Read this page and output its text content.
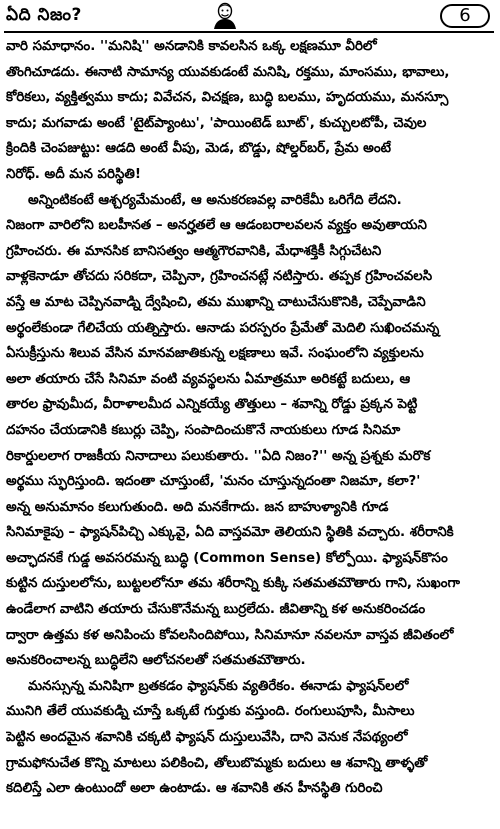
ఏది నిజం?	6

వారి సమాధానం. ''మనిషి'' అనడానికి కావలసిన ఒక్క లక్షణమూ వీరిలో
తొంగిచూడదు. ఈనాటి సామాన్య యువకుడంటే మనిషి, రక్తము, మాంసము, భావాలు,
కోరికలు, వ్యక్తిత్వము కాదు; వివేచన, విచక్షణ, బుద్ధి బలము, హృదయము, మనస్సూ
కాదు; మగవాడు అంటే 'టైట్‌ప్యాంటు', 'పాయింటెడ్ బూట్', కుచ్చులటోపీ, చెవుల
క్రిందికి చెంపజుట్టు: ఆడది అంటే వీపు, మెడ, బొడ్డు, షోల్డర్‌బర్, ప్రేమ అంటే
నిరోధ్. అదీ మన పరిస్థితి!

అన్నింటికంటే ఆశ్చర్యమేమంటే, ఆ అనుకరణవల్ల వారికేమీ ఒరిగేది లేదని.
నిజంగా వారిలోని బలహీనత – అనర్హతలే ఆ ఆడంబరాలవలన వ్యక్తం అవుతాయని
గ్రహించరు. ఈ మానసిక బానిసత్వం ఆత్మగౌరవానికి, మేధాశక్తికీ సిగ్గుచేటని
వాళ్లకెనాడూ తోచదు సరికదా, చెప్పినా, గ్రహించనట్లే నటిస్తారు. తప్పక గ్రహించవలసి
వస్తే ఆ మాట చెప్పినవాడ్ని ద్వేషించి, తమ ముఖాన్ని చాటుచేసుకొనికి, చెప్పేవాడిని
అర్థంలేకుండా గేలిచేయ యత్నిస్తారు. ఆనాడు పరస్పరం ప్రేమేతో మెదిలి సుఖించమన్న
ఏసుక్రీస్తును శిలువ వేసిన మానవజాతికున్న లక్షణాలు ఇవే. సంఘంలోని వ్యక్తులను
అలా తయారు చేసే సినిమా వంటి వ్యవస్థలను ఏమాత్రమూ అరికట్టే బదులు, ఆ
తారల ఫ్రావుమీద, వీరాళాలమీద ఎన్నికయ్యే తొత్తులు – శవాన్ని రోడ్డు ప్రక్కన పెట్టి
దహనం చేయడానికి కబుర్లు చెప్పి, సంపాదించుకొనే నాయకులు గూడ సినిమా
రికార్డులలాగ రాజకీయ నినాదాలు పలుకుతారు. ''ఏది నిజం?'' అన్న ప్రశ్నకు మరొక
అర్థము స్ఫురిస్తుంది. ఇదంతా చూస్తుంటే, 'మనం చూస్తున్నదంతా నిజమా, కలా?'
అన్న అనుమానం కలుగుతుంది. అది మనకేగాదు. జన బాహుళ్యానికి గూడ
సినిమాకైపు – ఫ్యాషన్‌పిచ్చి ఎక్కువై, ఏది వాస్తవమో తెలియని స్థితికి వచ్చారు. శరీరానికి
అచ్ఛాదనకే గుడ్డ అవసరమన్న బుద్ధి (Common Sense) కోల్పోయి. ఫ్యాషన్‌కొసం
కుట్టిన దుస్తులలోను, బుట్టలలోనూ తమ శరీరాన్ని కుక్కి సతమతమౌతారు గాని, సుఖంగా
ఉండేలాగ వాటిని తయారు చేసుకొనేమన్న బుర్రలేదు. జీవితాన్ని కళ అనుకరించడం
ద్వారా ఉత్తమ కళ అనిపించు కోవలసిందిపోయి, సినిమానూ నవలనూ వాస్తవ జీవితంలో
అనుకరించాలన్న బుద్ధిలేని ఆలోచనలతో సతమతమౌతారు.

మనస్సున్న మనిషిగా బ్రతకడం ఫ్యాషన్‌కు వ్యతిరేకం. ఈనాడు ఫ్యాషన్‌లలో
మునిగి తేలే యువకుడ్ని చూస్తే ఒక్కటే గుర్తుకు వస్తుంది. రంగులుపూసి, మీసాలు
పెట్టిన అందమైన శవానికి చక్కటి ఫ్యాషన్ దుస్తులువేసి, దాని వెనుక నేపథ్యంలో
గ్రామఫోనుచేత కొన్ని మాటలు పలికించి, తోలుబొమ్మకు బదులు ఆ శవాన్ని తాళ్ళతో
కదిలిస్తే ఎలా ఉంటుందో అలా ఉంటాడు. ఆ శవానికి తన హీనస్థితి గురించి
